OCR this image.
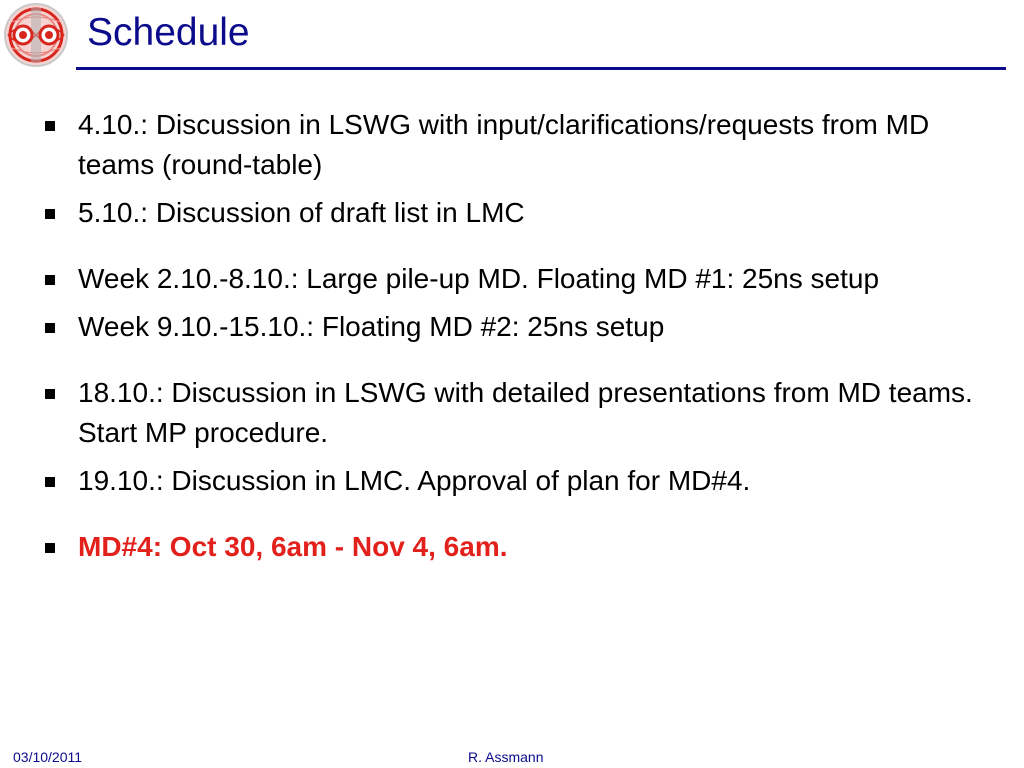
Schedule
4.10.: Discussion in LSWG with input/clarifications/requests from MD teams (round-table)
5.10.: Discussion of draft list in LMC
Week 2.10.-8.10.: Large pile-up MD. Floating MD #1: 25ns setup
Week 9.10.-15.10.: Floating MD #2: 25ns setup
18.10.: Discussion in LSWG with detailed presentations from MD teams. Start MP procedure.
19.10.: Discussion in LMC. Approval of plan for MD#4.
MD#4: Oct 30, 6am - Nov 4, 6am.
03/10/2011	R. Assmann
